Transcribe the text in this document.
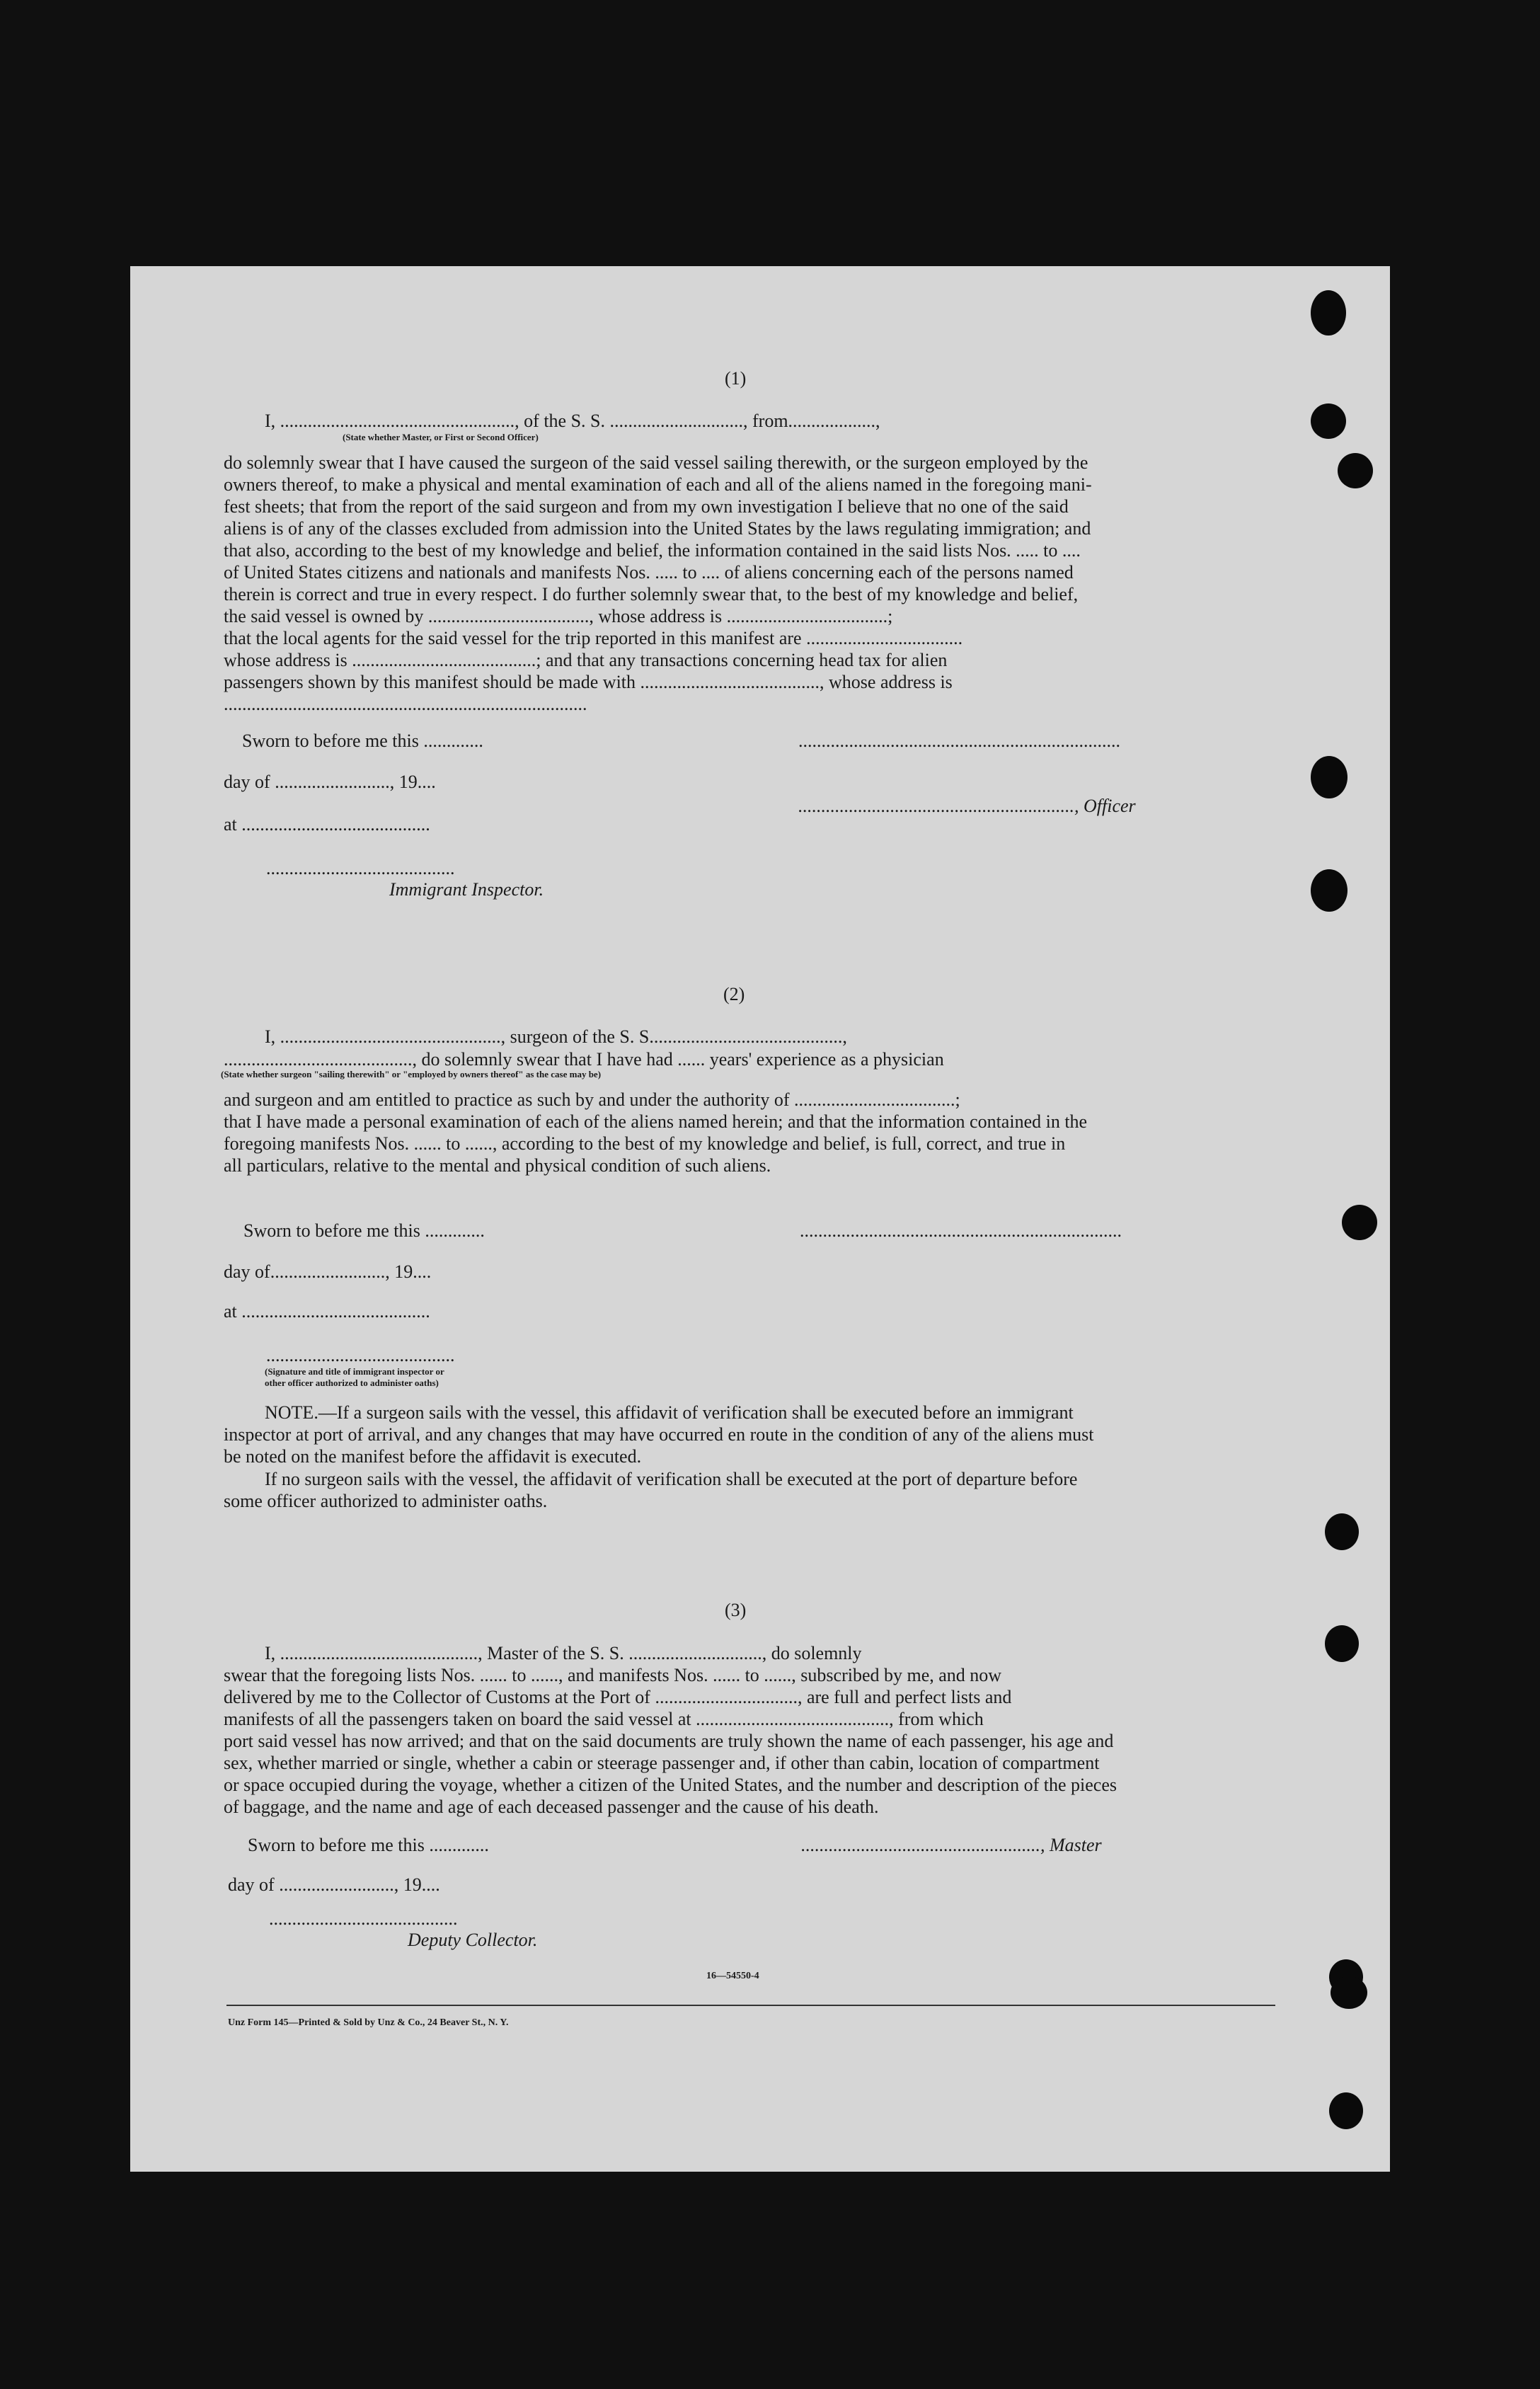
(1)
I, ..................................................., of the S. S. ............................., from...................,
(State whether Master, or First or Second Officer)
do solemnly swear that I have caused the surgeon of the said vessel sailing therewith, or the surgeon employed by the
owners thereof, to make a physical and mental examination of each and all of the aliens named in the foregoing mani-
fest sheets; that from the report of the said surgeon and from my own investigation I believe that no one of the said
aliens is of any of the classes excluded from admission into the United States by the laws regulating immigration; and
that also, according to the best of my knowledge and belief, the information contained in the said lists Nos. ..... to ....
of United States citizens and nationals and manifests Nos. ..... to .... of aliens concerning each of the persons named
therein is correct and true in every respect. I do further solemnly swear that, to the best of my knowledge and belief,
the said vessel is owned by ..................................., whose address is ...................................;
that the local agents for the said vessel for the trip reported in this manifest are ..................................
whose address is ........................................; and that any transactions concerning head tax for alien
passengers shown by this manifest should be made with ......................................., whose address is
...............................................................................
Sworn to before me this .............	......................................................................
day of ........................., 19....
............................................................, Officer
at .........................................
.........................................
Immigrant Inspector.
(2)
I, ................................................, surgeon of the S. S..........................................,
........................................., do solemnly swear that I have had ...... years' experience as a physician
(State whether surgeon "sailing therewith" or "employed by owners thereof" as the case may be)
and surgeon and am entitled to practice as such by and under the authority of ...................................;
that I have made a personal examination of each of the aliens named herein; and that the information contained in the
foregoing manifests Nos. ...... to ......, according to the best of my knowledge and belief, is full, correct, and true in
all particulars, relative to the mental and physical condition of such aliens.
Sworn to before me this .............	......................................................................
day of........................., 19....
at .........................................
.........................................
(Signature and title of immigrant inspector or
other officer authorized to administer oaths)
NOTE.—If a surgeon sails with the vessel, this affidavit of verification shall be executed before an immigrant
inspector at port of arrival, and any changes that may have occurred en route in the condition of any of the aliens must
be noted on the manifest before the affidavit is executed.
If no surgeon sails with the vessel, the affidavit of verification shall be executed at the port of departure before
some officer authorized to administer oaths.
(3)
I, ..........................................., Master of the S. S. ............................., do solemnly
swear that the foregoing lists Nos. ...... to ......, and manifests Nos. ...... to ......, subscribed by me, and now
delivered by me to the Collector of Customs at the Port of ..............................., are full and perfect lists and
manifests of all the passengers taken on board the said vessel at .........................................., from which
port said vessel has now arrived; and that on the said documents are truly shown the name of each passenger, his age and
sex, whether married or single, whether a cabin or steerage passenger and, if other than cabin, location of compartment
or space occupied during the voyage, whether a citizen of the United States, and the number and description of the pieces
of baggage, and the name and age of each deceased passenger and the cause of his death.
Sworn to before me this .............	...................................................., Master
day of ........................., 19....
.........................................
Deputy Collector.
16—54550-4
Unz Form 145—Printed & Sold by Unz & Co., 24 Beaver St., N. Y.
